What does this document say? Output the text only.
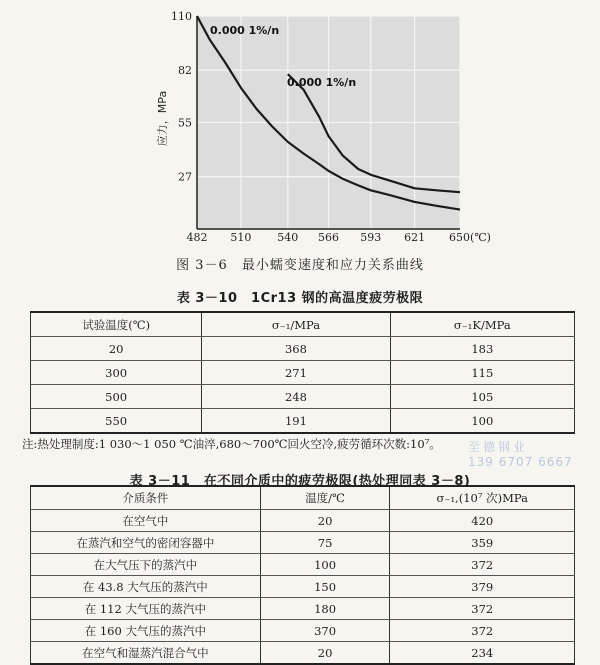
482 510 540 566 593 621 650(℃)
27
55
82
110
应力，MPa
0.000 1%/n
0.000 1%/n
图 3－6　最小蠕变速度和应力关系曲线
表 3－10　1Cr13 钢的高温度疲劳极限
试验温度(℃)	σ₋₁/MPa	σ₋₁K/MPa
20	368	183
300	271	115
500	248	105
550	191	100
注:热处理制度:1 030～1 050 ℃油淬,680～700℃回火空冷,疲劳循环次数:10⁷。 至德钢业
139 6707 6667
表 3－11　在不同介质中的疲劳极限(热处理同表 3－8)
介质条件	温度/℃	σ₋₁,(10⁷ 次)MPa
在空气中	20	420
在蒸汽和空气的密闭容器中	75	359
在大气压下的蒸汽中	100	372
在 43.8 大气压的蒸汽中	150	379
在 112 大气压的蒸汽中	180	372
在 160 大气压的蒸汽中	370	372
在空气和湿蒸汽混合气中	20	234
